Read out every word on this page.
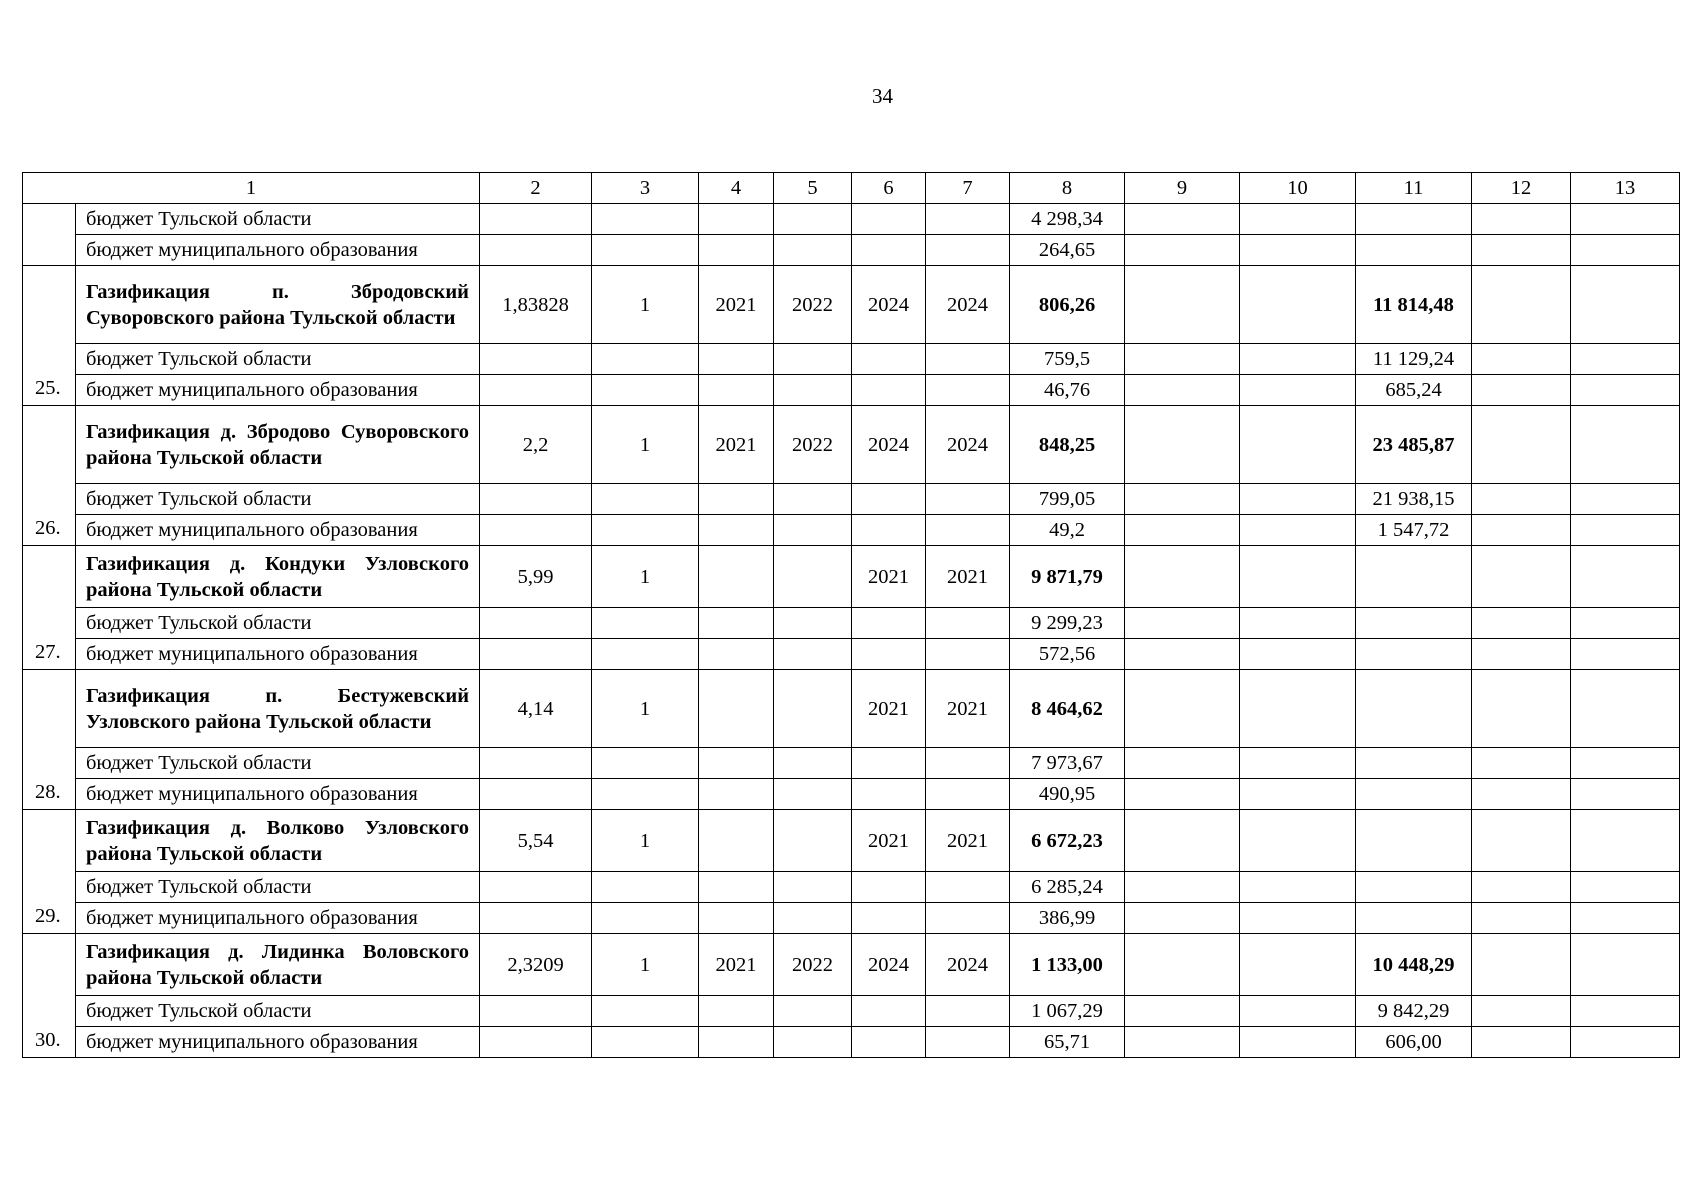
34
1		2	3	4	5	6	7	8	9	10	11	12	13
	бюджет Тульской области							4 298,34					
	бюджет муниципального образования							264,65					
25.	Газификация п. Збродовский Суворовского района Тульской области	1,83828	1	2021	2022	2024	2024	806,26			11 814,48		
	бюджет Тульской области							759,5			11 129,24		
	бюджет муниципального образования							46,76			685,24		
26.	Газификация д. Збродово Суворовского района Тульской области	2,2	1	2021	2022	2024	2024	848,25			23 485,87		
	бюджет Тульской области							799,05			21 938,15		
	бюджет муниципального образования							49,2			1 547,72		
27.	Газификация д. Кондуки Узловского района Тульской области	5,99	1			2021	2021	9 871,79					
	бюджет Тульской области							9 299,23					
	бюджет муниципального образования							572,56					
28.	Газификация п. Бестужевский Узловского района Тульской области	4,14	1			2021	2021	8 464,62					
	бюджет Тульской области							7 973,67					
	бюджет муниципального образования							490,95					
29.	Газификация д. Волково Узловского района Тульской области	5,54	1			2021	2021	6 672,23					
	бюджет Тульской области							6 285,24					
	бюджет муниципального образования							386,99					
30.	Газификация д. Лидинка Воловского района Тульской области	2,3209	1	2021	2022	2024	2024	1 133,00			10 448,29		
	бюджет Тульской области							1 067,29			9 842,29		
	бюджет муниципального образования							65,71			606,00		
